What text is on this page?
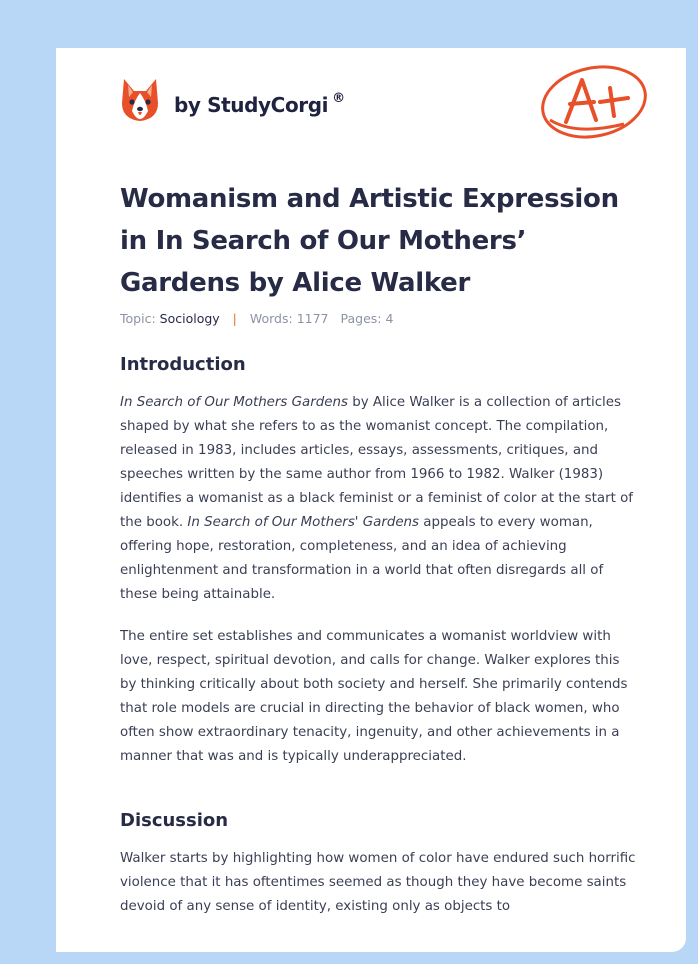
by StudyCorgi ®
Womanism and Artistic Expression in In Search of Our Mothers’ Gardens by Alice Walker
Topic: Sociology | Words: 1177 Pages: 4
Introduction

In Search of Our Mothers Gardens by Alice Walker is a collection of articles shaped by what she refers to as the womanist concept. The compilation, released in 1983, includes articles, essays, assessments, critiques, and speeches written by the same author from 1966 to 1982. Walker (1983) identifies a womanist as a black feminist or a feminist of color at the start of the book. In Search of Our Mothers' Gardens appeals to every woman, offering hope, restoration, completeness, and an idea of achieving enlightenment and transformation in a world that often disregards all of these being attainable.

The entire set establishes and communicates a womanist worldview with love, respect, spiritual devotion, and calls for change. Walker explores this by thinking critically about both society and herself. She primarily contends that role models are crucial in directing the behavior of black women, who often show extraordinary tenacity, ingenuity, and other achievements in a manner that was and is typically underappreciated.

Discussion

Walker starts by highlighting how women of color have endured such horrific violence that it has oftentimes seemed as though they have become saints devoid of any sense of identity, existing only as objects to
